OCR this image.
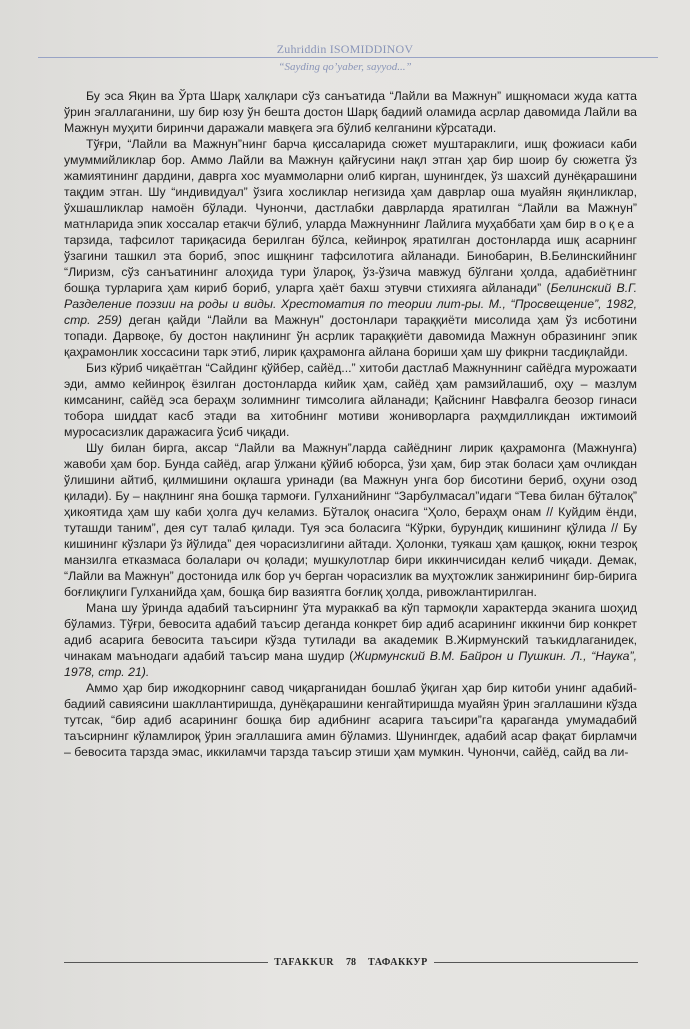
Zuhriddin ISOMIDDINOV
“Sayding qo’yaber, sayyod...”

Бу эса Яқин ва Ўрта Шарқ халқлари сўз санъатида “Лайли ва Мажнун” ишқномаси жуда катта ўрин эгаллаганини, шу бир юзу ўн бешта достон Шарқ бадиий оламида асрлар давомида Лайли ва Мажнун муҳити биринчи даражали мавқега эга бўлиб келганини кўрсатади.

Тўғри, “Лайли ва Мажнун”нинг барча қиссаларида сюжет муштараклиги, ишқ фожиаси каби умуммийликлар бор. Аммо Лайли ва Мажнун қайғусини нақл этган ҳар бир шоир бу сюжетга ўз жамиятининг дардини, даврга хос муаммоларни олиб кирган, шунингдек, ўз шахсий дунёқарашини тақдим этган. Шу “индивидуал” ўзига хосликлар негизида ҳам даврлар оша муайян яқинликлар, ўхшашликлар намоён бўлади. Чунончи, дастлабки даврларда яратилган “Лайли ва Мажнун” матнларида эпик хоссалар етакчи бўлиб, уларда Мажнуннинг Лайлига муҳаббати ҳам бир воқеа тарзида, тафсилот тариқасида берилган бўлса, кейинроқ яратилган достонларда ишқ асарнинг ўзагини ташкил эта бориб, эпос ишқнинг тафсилотига айланади. Бинобарин, В.Белинскийнинг “Лиризм, сўз санъатининг алоҳида тури ўлароқ, ўз-ўзича мавжуд бўлгани ҳолда, адабиётнинг бошқа турларига ҳам кириб бориб, уларга ҳаёт бахш этувчи стихияга айланади” (Белинский В.Г. Разделение поэзии на роды и виды. Хрестоматия по теории лит-ры. М., “Просвещение”, 1982, стр. 259) деган қайди “Лайли ва Мажнун” достонлари тараққиёти мисолида ҳам ўз исботини топади. Дарвоқе, бу достон нақлининг ўн асрлик тараққиёти давомида Мажнун образининг эпик қаҳрамонлик хоссасини тарк этиб, лирик қаҳрамонга айлана бориши ҳам шу фикрни тасдиқлайди.

Биз кўриб чиқаётган “Сайдинг қўйбер, сайёд...” хитоби дастлаб Мажнуннинг сайёдга мурожаати эди, аммо кейинроқ ёзилган достонларда кийик ҳам, сайёд ҳам рамзийлашиб, оҳу – мазлум кимсанинг, сайёд эса бераҳм золимнинг тимсолига айланади; Қайснинг Навфалга беозор гинаси тобора шиддат касб этади ва хитобнинг мотиви жониворларга раҳмдилликдан ижтимоий муросасизлик даражасига ўсиб чиқади.

Шу билан бирга, аксар “Лайли ва Мажнун”ларда сайёднинг лирик қаҳрамонга (Мажнунга) жавоби ҳам бор. Бунда сайёд, агар ўлжани қўйиб юборса, ўзи ҳам, бир этак боласи ҳам очликдан ўлишини айтиб, қилмишини оқлашга уринади (ва Мажнун унга бор бисотини бериб, оҳуни озод қилади). Бу – нақлнинг яна бошқа тармоғи. Гулханийнинг “Зарбулмасал”идаги “Тева билан бўталоқ” ҳикоятида ҳам шу каби ҳолга дуч келамиз. Бўталоқ онасига “Ҳоло, бераҳм онам // Куйдим ёнди, туташди таним”, дея сут талаб қилади. Туя эса боласига “Кўрки, бурундиқ кишининг қўлида // Бу кишининг кўзлари ўз йўлида” дея чорасизлигини айтади. Ҳолонки, туякаш ҳам қашқоқ, юкни тезроқ манзилга етказмаса болалари оч қолади; мушкулотлар бири иккинчисидан келиб чиқади. Демак, “Лайли ва Мажнун” достонида илк бор уч берган чорасизлик ва муҳтожлик занжирининг бир-бирига боғлиқлиги Гулханийда ҳам, бошқа бир вазиятга боғлиқ ҳолда, ривожлантирилган.

Мана шу ўринда адабий таъсирнинг ўта мураккаб ва кўп тармоқли характерда эканига шоҳид бўламиз. Тўғри, бевосита адабий таъсир деганда конкрет бир адиб асарининг иккинчи бир конкрет адиб асарига бевосита таъсири кўзда тутилади ва академик В.Жирмунский таъкидлаганидек, чинакам маънодаги адабий таъсир мана шудир (Жирмунский В.М. Байрон и Пушкин. Л., “Наука”, 1978, стр. 21).

Аммо ҳар бир ижодкорнинг савод чиқарганидан бошлаб ўқиган ҳар бир китоби унинг адабий-бадиий савиясини шакллантиришда, дунёқарашини кенгайтиришда муайян ўрин эгаллашини кўзда тутсак, “бир адиб асарининг бошқа бир адибнинг асарига таъсири”га қараганда умумадабий таъсирнинг кўламлироқ ўрин эгаллашига амин бўламиз. Шунингдек, адабий асар фақат бирламчи – бевосита тарзда эмас, иккиламчи тарзда таъсир этиши ҳам мумкин. Чунончи, сайёд, сайд ва ли-

TAFAKKUR	78	ТАФАККУР
